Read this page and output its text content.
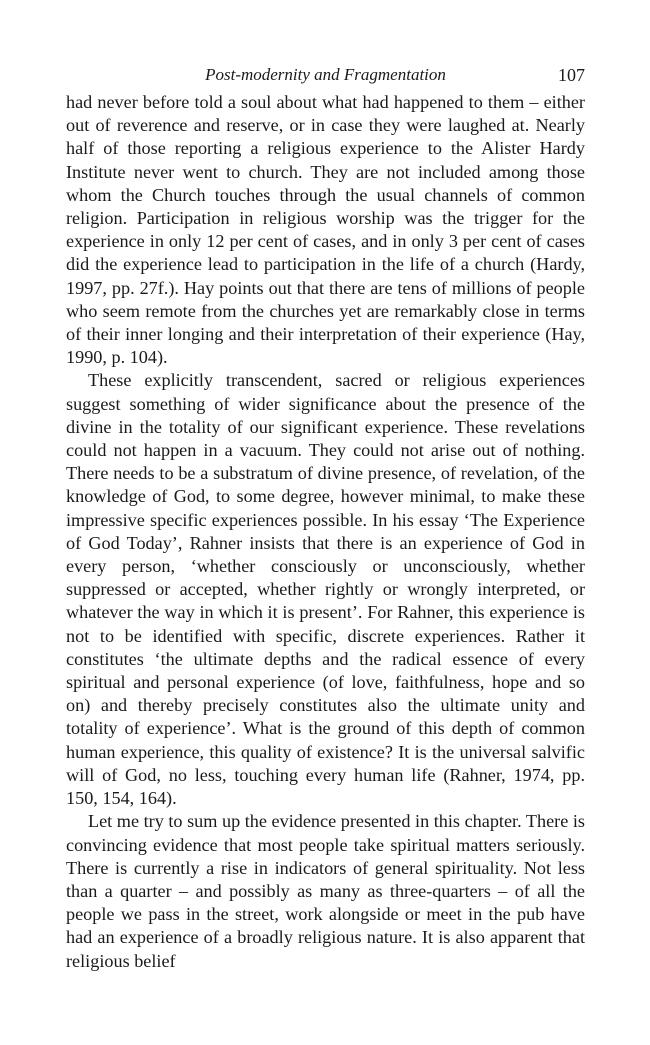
Post-modernity and Fragmentation	107

had never before told a soul about what had happened to them – either out of reverence and reserve, or in case they were laughed at. Nearly half of those reporting a religious experience to the Alister Hardy Institute never went to church. They are not included among those whom the Church touches through the usual channels of common religion. Participation in religious worship was the trigger for the experience in only 12 per cent of cases, and in only 3 per cent of cases did the experience lead to participation in the life of a church (Hardy, 1997, pp. 27f.). Hay points out that there are tens of millions of people who seem remote from the churches yet are remarkably close in terms of their inner longing and their interpretation of their experience (Hay, 1990, p. 104).

These explicitly transcendent, sacred or religious experiences suggest something of wider significance about the presence of the divine in the totality of our significant experience. These revelations could not happen in a vacuum. They could not arise out of nothing. There needs to be a substratum of divine presence, of revelation, of the knowledge of God, to some degree, however minimal, to make these impressive specific experiences possible. In his essay ‘The Experience of God Today’, Rahner insists that there is an experience of God in every person, ‘whether consciously or unconsciously, whether suppressed or accepted, whether rightly or wrongly interpreted, or whatever the way in which it is present’. For Rahner, this experience is not to be identified with specific, discrete experiences. Rather it constitutes ‘the ultimate depths and the radical essence of every spiritual and personal experience (of love, faithfulness, hope and so on) and thereby precisely constitutes also the ultimate unity and totality of experience’. What is the ground of this depth of common human experience, this quality of existence? It is the universal salvific will of God, no less, touching every human life (Rahner, 1974, pp. 150, 154, 164).

Let me try to sum up the evidence presented in this chapter. There is convincing evidence that most people take spiritual matters seriously. There is currently a rise in indicators of general spirituality. Not less than a quarter – and possibly as many as three-quarters – of all the people we pass in the street, work alongside or meet in the pub have had an experience of a broadly religious nature. It is also apparent that religious belief
